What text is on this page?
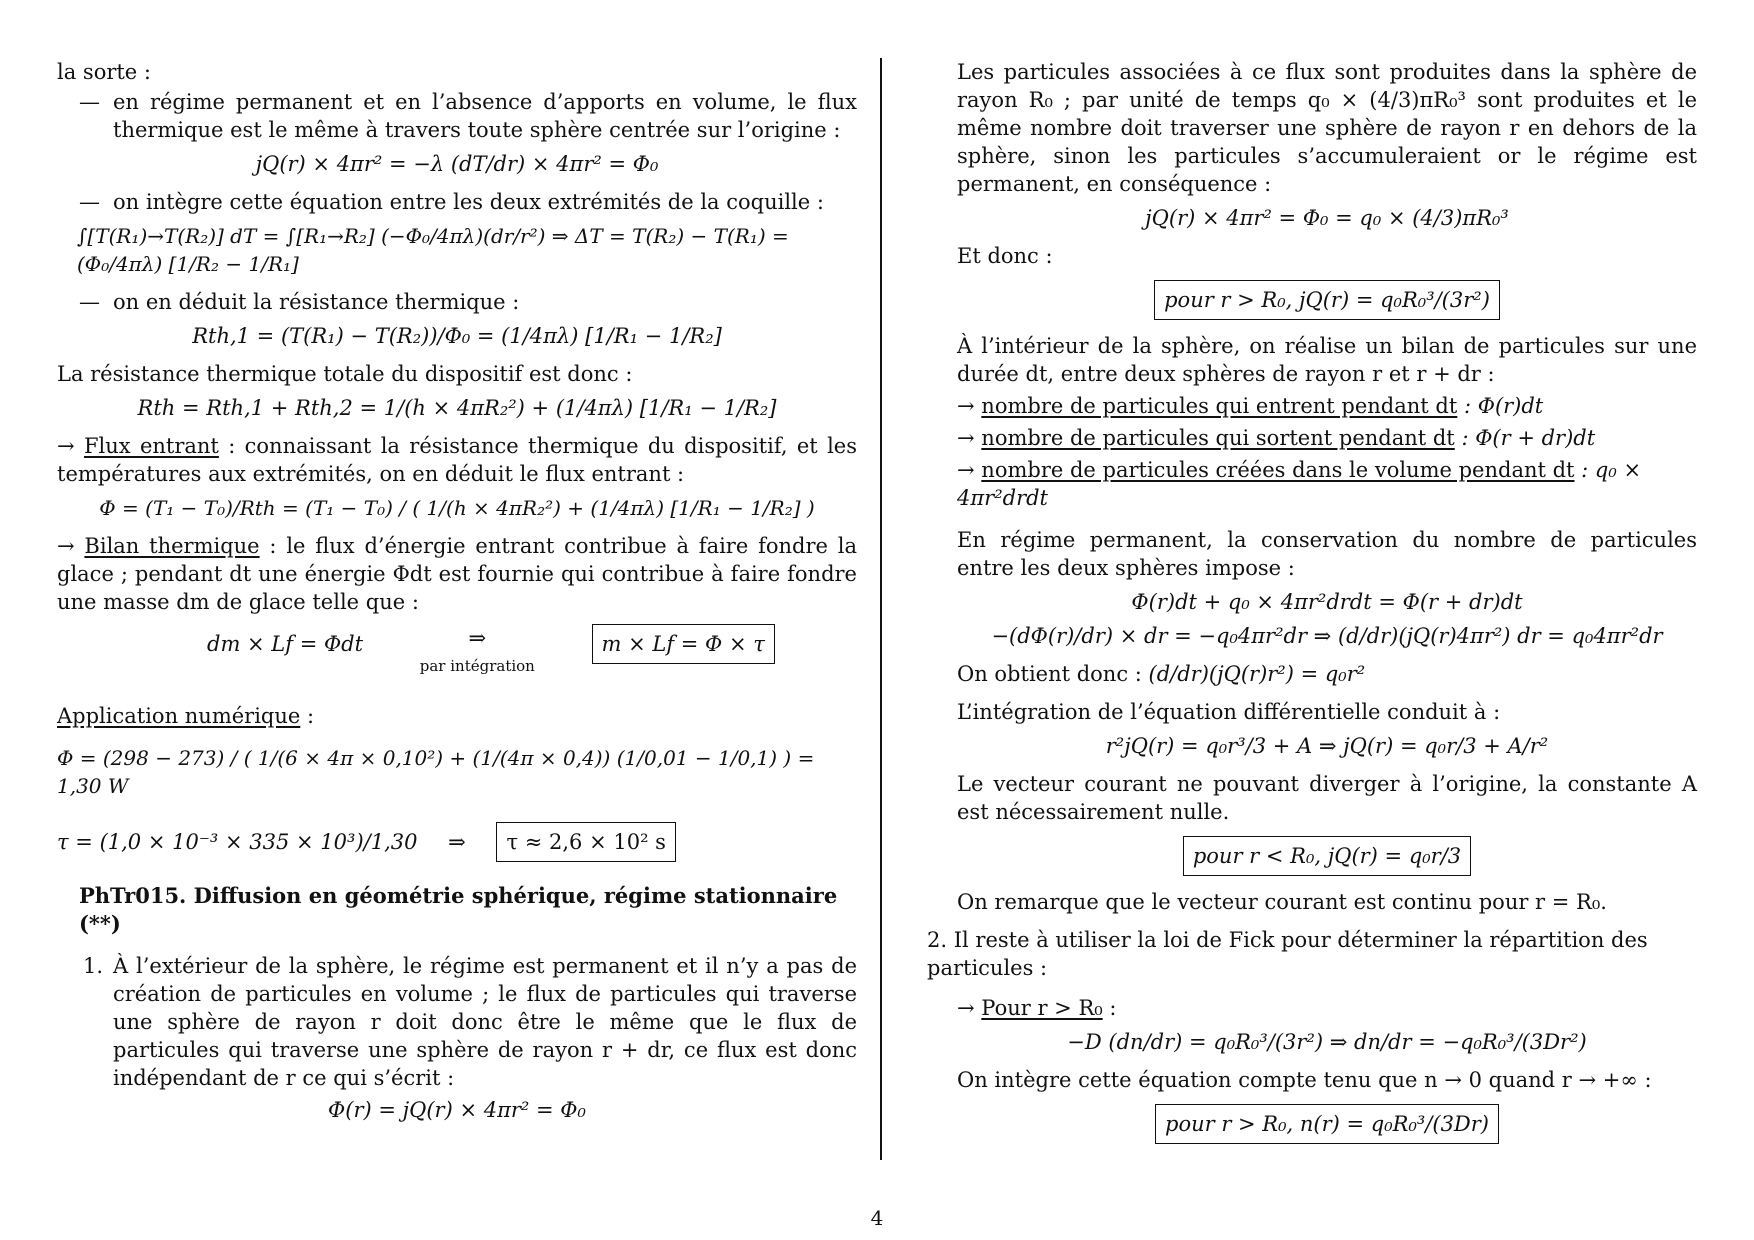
la sorte :

— en régime permanent et en l’absence d’apports en volume, le flux thermique est le même à travers toute sphère centrée sur l’origine :
jQ(r) × 4πr² = −λ (dT/dr) × 4πr² = Φ₀
— on intègre cette équation entre les deux extrémités de la coquille :
∫[T(R₁)→T(R₂)] dT = ∫[R₁→R₂] (−Φ₀/4πλ)(dr/r²) ⇒ ΔT = T(R₂) − T(R₁) = (Φ₀/4πλ) [1/R₂ − 1/R₁]
— on en déduit la résistance thermique :
Rth,1 = (T(R₁) − T(R₂))/Φ₀ = (1/4πλ) [1/R₁ − 1/R₂]

La résistance thermique totale du dispositif est donc :

Rth = Rth,1 + Rth,2 = 1/(h × 4πR₂²) + (1/4πλ) [1/R₁ − 1/R₂]

→ Flux entrant : connaissant la résistance thermique du dispositif, et les températures aux extrémités, on en déduit le flux entrant :

Φ = (T₁ − T₀)/Rth = (T₁ − T₀) / ( 1/(h × 4πR₂²) + (1/4πλ) [1/R₁ − 1/R₂] )

→ Bilan thermique : le flux d’énergie entrant contribue à faire fondre la glace ; pendant dt une énergie Φdt est fournie qui contribue à faire fondre une masse dm de glace telle que :

dm × Lf = Φdt	⇒
par intégration
m × Lf = Φ × τ

Application numérique :

Φ = (298 − 273) / ( 1/(6 × 4π × 0,10²) + (1/(4π × 0,4)) (1/0,01 − 1/0,1) ) = 1,30 W
τ = (1,0 × 10⁻³ × 335 × 10³)/1,30 ⇒ τ ≈ 2,6 × 10² s
PhTr015. Diffusion en géométrie sphérique, régime stationnaire (**)
1. À l’extérieur de la sphère, le régime est permanent et il n’y a pas de création de particules en volume ; le flux de particules qui traverse une sphère de rayon r doit donc être le même que le flux de particules qui traverse une sphère de rayon r + dr, ce flux est donc indépendant de r ce qui s’écrit :
Φ(r) = jQ(r) × 4πr² = Φ₀

Les particules associées à ce flux sont produites dans la sphère de rayon R₀ ; par unité de temps q₀ × (4/3)πR₀³ sont produites et le même nombre doit traverser une sphère de rayon r en dehors de la sphère, sinon les particules s’accumuleraient or le régime est permanent, en conséquence :

jQ(r) × 4πr² = Φ₀ = q₀ × (4/3)πR₀³

Et donc :

pour r > R₀, jQ(r) = q₀R₀³/(3r²)

À l’intérieur de la sphère, on réalise un bilan de particules sur une durée dt, entre deux sphères de rayon r et r + dr :

→ nombre de particules qui entrent pendant dt : Φ(r)dt
→ nombre de particules qui sortent pendant dt : Φ(r + dr)dt
→ nombre de particules créées dans le volume pendant dt : q₀ × 4πr²drdt

En régime permanent, la conservation du nombre de particules entre les deux sphères impose :

Φ(r)dt + q₀ × 4πr²drdt = Φ(r + dr)dt
−(dΦ(r)/dr) × dr = −q₀4πr²dr ⇒ (d/dr)(jQ(r)4πr²) dr = q₀4πr²dr

On obtient donc : (d/dr)(jQ(r)r²) = q₀r²

L’intégration de l’équation différentielle conduit à :

r²jQ(r) = q₀r³/3 + A ⇒ jQ(r) = q₀r/3 + A/r²

Le vecteur courant ne pouvant diverger à l’origine, la constante A est nécessairement nulle.

pour r < R₀, jQ(r) = q₀r/3

On remarque que le vecteur courant est continu pour r = R₀.

2. Il reste à utiliser la loi de Fick pour déterminer la répartition des particules :

→ Pour r > R₀ :

−D (dn/dr) = q₀R₀³/(3r²) ⇒ dn/dr = −q₀R₀³/(3Dr²)

On intègre cette équation compte tenu que n → 0 quand r → +∞ :

pour r > R₀, n(r) = q₀R₀³/(3Dr)
4
